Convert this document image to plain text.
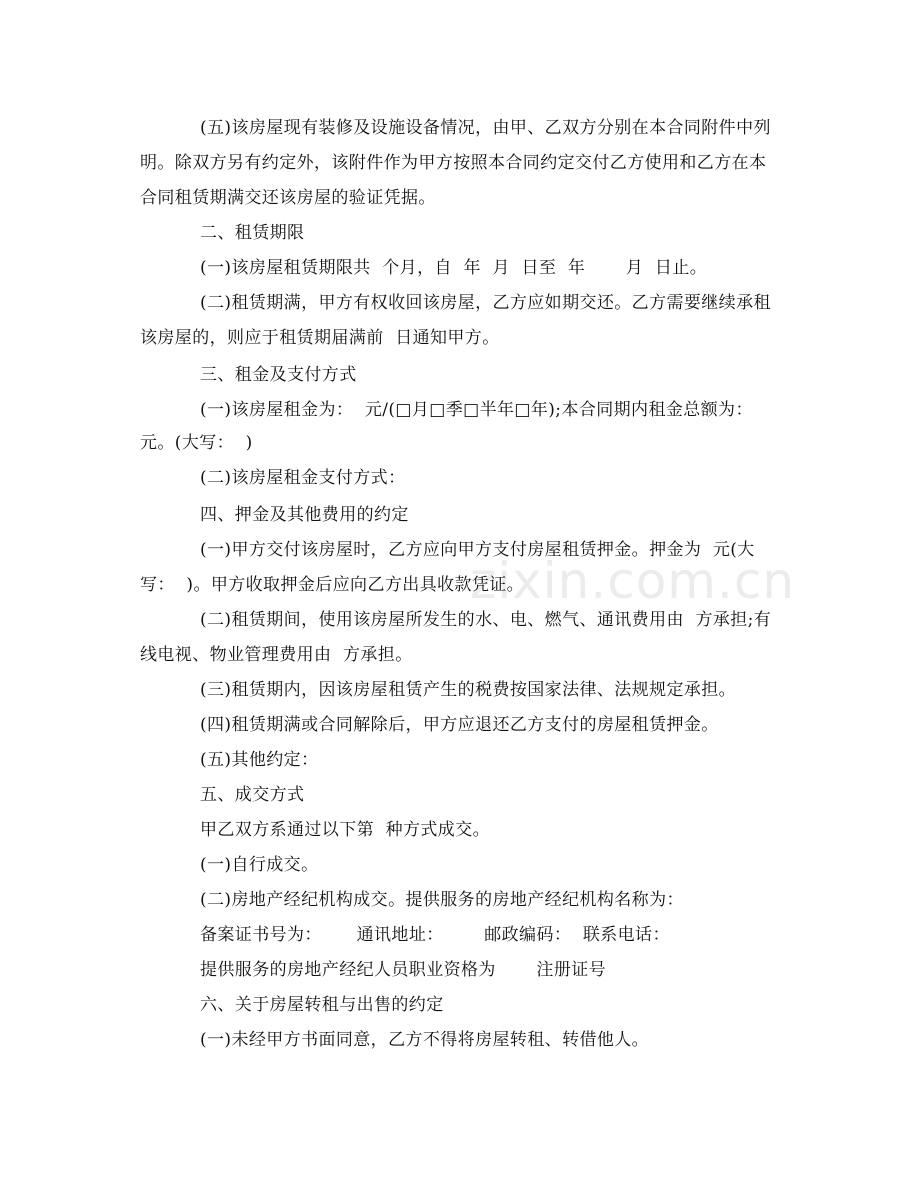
zixin.com.cn
(五)该房屋现有装修及设施设备情况，由甲、乙双方分别在本合同附件中列
明。除双方另有约定外，该附件作为甲方按照本合同约定交付乙方使用和乙方在本
合同租赁期满交还该房屋的验证凭据。
二、租赁期限
(一)该房屋租赁期限共  个月，自  年  月  日至  年       月  日止。
(二)租赁期满，甲方有权收回该房屋，乙方应如期交还。乙方需要继续承租
该房屋的，则应于租赁期届满前  日通知甲方。
三、租金及支付方式
(一)该房屋租金为：  元/(□月□季□半年□年);本合同期内租金总额为：
元。(大写：  )
(二)该房屋租金支付方式：
四、押金及其他费用的约定
(一)甲方交付该房屋时，乙方应向甲方支付房屋租赁押金。押金为  元(大
写：  )。甲方收取押金后应向乙方出具收款凭证。
(二)租赁期间，使用该房屋所发生的水、电、燃气、通讯费用由  方承担;有
线电视、物业管理费用由  方承担。
(三)租赁期内，因该房屋租赁产生的税费按国家法律、法规规定承担。
(四)租赁期满或合同解除后，甲方应退还乙方支付的房屋租赁押金。
(五)其他约定：
五、成交方式
甲乙双方系通过以下第  种方式成交。
(一)自行成交。
(二)房地产经纪机构成交。提供服务的房地产经纪机构名称为：
备案证书号为：      通讯地址：       邮政编码：  联系电话：
提供服务的房地产经纪人员职业资格为       注册证号
六、关于房屋转租与出售的约定
(一)未经甲方书面同意，乙方不得将房屋转租、转借他人。
